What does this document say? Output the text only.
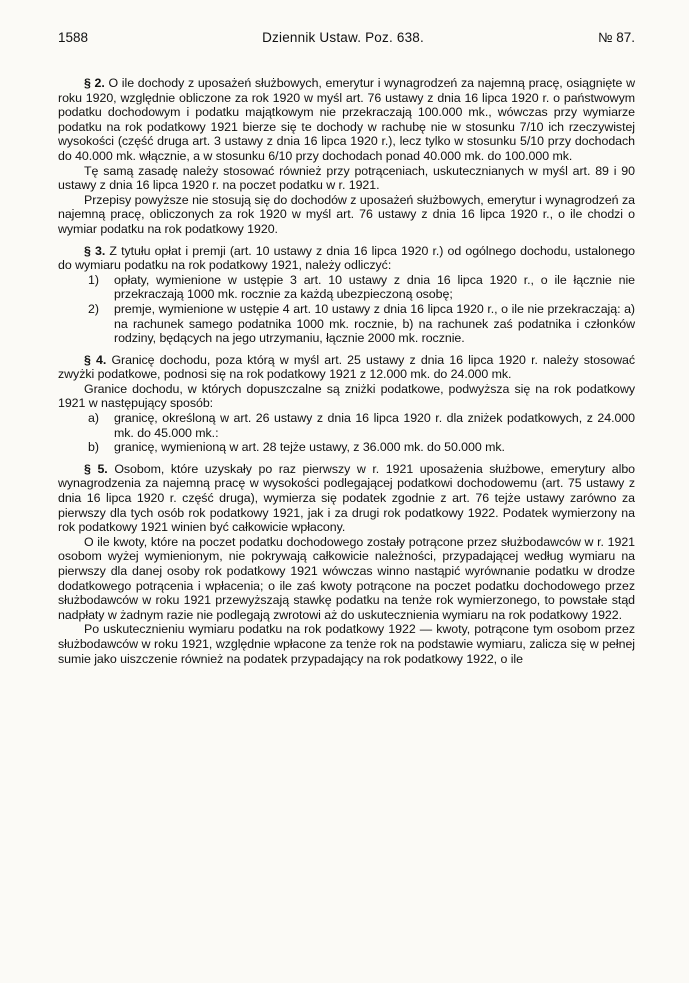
1588	Dziennik Ustaw. Poz. 638.	№ 87.

§ 2. O ile dochody z uposażeń służbowych, emerytur i wynagrodzeń za najemną pracę, osiągnięte w roku 1920, względnie obliczone za rok 1920 w myśl art. 76 ustawy z dnia 16 lipca 1920 r. o państwowym podatku dochodowym i podatku majątkowym nie przekraczają 100.000 mk., wówczas przy wymiarze podatku na rok podatkowy 1921 bierze się te dochody w rachubę nie w stosunku 7/10 ich rzeczywistej wysokości (część druga art. 3 ustawy z dnia 16 lipca 1920 r.), lecz tylko w stosunku 5/10 przy dochodach do 40.000 mk. włącznie, a w stosunku 6/10 przy dochodach ponad 40.000 mk. do 100.000 mk.

Tę samą zasadę należy stosować również przy potrąceniach, uskutecznianych w myśl art. 89 i 90 ustawy z dnia 16 lipca 1920 r. na poczet podatku w r. 1921.

Przepisy powyższe nie stosują się do dochodów z uposażeń służbowych, emerytur i wynagrodzeń za najemną pracę, obliczonych za rok 1920 w myśl art. 76 ustawy z dnia 16 lipca 1920 r., o ile chodzi o wymiar podatku na rok podatkowy 1920.

§ 3. Z tytułu opłat i premji (art. 10 ustawy z dnia 16 lipca 1920 r.) od ogólnego dochodu, ustalonego do wymiaru podatku na rok podatkowy 1921, należy odliczyć:

1)	opłaty, wymienione w ustępie 3 art. 10 ustawy z dnia 16 lipca 1920 r., o ile łącznie nie przekraczają 1000 mk. rocznie za każdą ubezpieczoną osobę;
2)	premje, wymienione w ustępie 4 art. 10 ustawy z dnia 16 lipca 1920 r., o ile nie przekraczają: a) na rachunek samego podatnika 1000 mk. rocznie, b) na rachunek zaś podatnika i członków rodziny, będących na jego utrzymaniu, łącznie 2000 mk. rocznie.

§ 4. Granicę dochodu, poza którą w myśl art. 25 ustawy z dnia 16 lipca 1920 r. należy stosować zwyżki podatkowe, podnosi się na rok podatkowy 1921 z 12.000 mk. do 24.000 mk.

Granice dochodu, w których dopuszczalne są zniżki podatkowe, podwyższa się na rok podatkowy 1921 w następujący sposób:

a)	granicę, określoną w art. 26 ustawy z dnia 16 lipca 1920 r. dla zniżek podatkowych, z 24.000 mk. do 45.000 mk.:
b)	granicę, wymienioną w art. 28 tejże ustawy, z 36.000 mk. do 50.000 mk.

§ 5. Osobom, które uzyskały po raz pierwszy w r. 1921 uposażenia służbowe, emerytury albo wynagrodzenia za najemną pracę w wysokości podlegającej podatkowi dochodowemu (art. 75 ustawy z dnia 16 lipca 1920 r. część druga), wymierza się podatek zgodnie z art. 76 tejże ustawy zarówno za pierwszy dla tych osób rok podatkowy 1921, jak i za drugi rok podatkowy 1922. Podatek wymierzony na rok podatkowy 1921 winien być całkowicie wpłacony.

O ile kwoty, które na poczet podatku dochodowego zostały potrącone przez służbodawców w r. 1921 osobom wyżej wymienionym, nie pokrywają całkowicie należności, przypadającej według wymiaru na pierwszy dla danej osoby rok podatkowy 1921 wówczas winno nastąpić wyrównanie podatku w drodze dodatkowego potrącenia i wpłacenia; o ile zaś kwoty potrącone na poczet podatku dochodowego przez służbodawców w roku 1921 przewyższają stawkę podatku na tenże rok wymierzonego, to powstałe stąd nadpłaty w żadnym razie nie podlegają zwrotowi aż do uskutecznienia wymiaru na rok podatkowy 1922.

Po uskutecznieniu wymiaru podatku na rok podatkowy 1922 — kwoty, potrącone tym osobom przez służbodawców w roku 1921, względnie wpłacone za tenże rok na podstawie wymiaru, zalicza się w pełnej sumie jako uiszczenie również na podatek przypadający na rok podatkowy 1922, o ile
